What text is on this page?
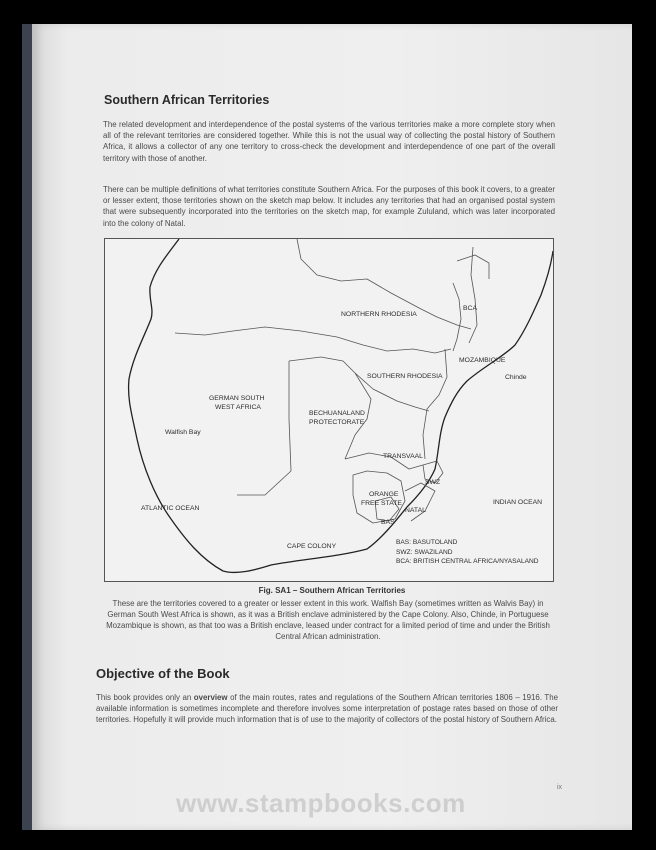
Southern African Territories
The related development and interdependence of the postal systems of the various territories make a more complete story when all of the relevant territories are considered together. While this is not the usual way of collecting the postal history of Southern Africa, it allows a collector of any one territory to cross-check the development and interdependence of one part of the overall territory with those of another.
There can be multiple definitions of what territories constitute Southern Africa. For the purposes of this book it covers, to a greater or lesser extent, those territories shown on the sketch map below. It includes any territories that had an organised postal system that were subsequently incorporated into the territories on the sketch map, for example Zululand, which was later incorporated into the colony of Natal.
NORTHERN RHODESIA
BCA
MOZAMBIQUE
Chinde
SOUTHERN RHODESIA
GERMAN SOUTH
WEST AFRICA
BECHUANALAND
PROTECTORATE
Walfish Bay
TRANSVAAL
SWZ
ORANGE
FREE STATE
NATAL
BAS
ATLANTIC OCEAN
INDIAN OCEAN
CAPE COLONY
BAS: BASUTOLAND
SWZ: SWAZILAND
BCA: BRITISH CENTRAL AFRICA/NYASALAND
Fig. SA1 – Southern African Territories
These are the territories covered to a greater or lesser extent in this work. Walfish Bay (sometimes written as Walvis Bay) in German South West Africa is shown, as it was a British enclave administered by the Cape Colony. Also, Chinde, in Portuguese Mozambique is shown, as that too was a British enclave, leased under contract for a limited period of time and under the British Central African administration.
Objective of the Book
This book provides only an overview of the main routes, rates and regulations of the Southern African territories 1806 – 1916. The available information is sometimes incomplete and therefore involves some interpretation of postage rates based on those of other territories. Hopefully it will provide much information that is of use to the majority of collectors of the postal history of Southern Africa.
ix
www.stampbooks.com
